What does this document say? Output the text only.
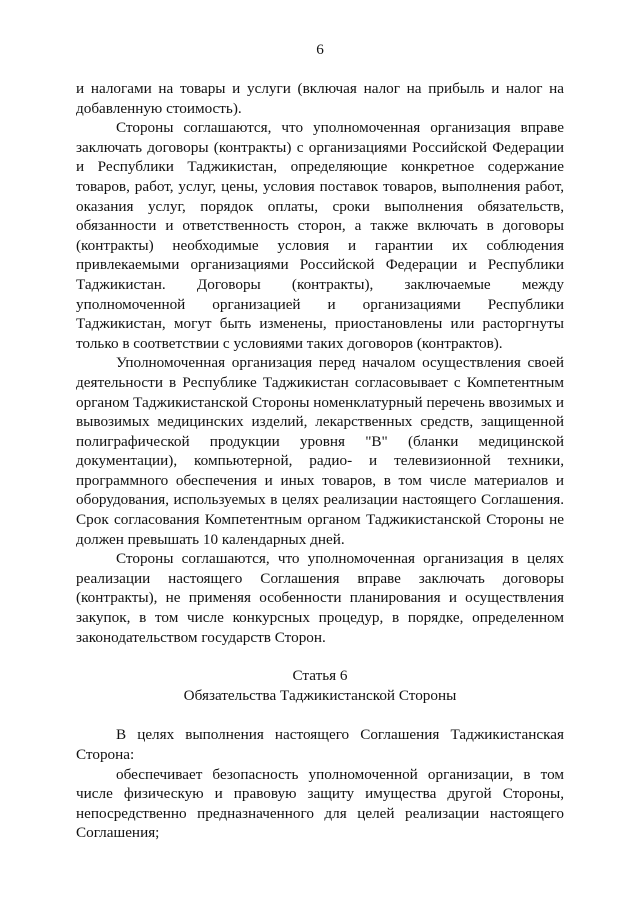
6

и налогами на товары и услуги (включая налог на прибыль и налог на добавленную стоимость).

Стороны соглашаются, что уполномоченная организация вправе заключать договоры (контракты) с организациями Российской Федерации и Республики Таджикистан, определяющие конкретное содержание товаров, работ, услуг, цены, условия поставок товаров, выполнения работ, оказания услуг, порядок оплаты, сроки выполнения обязательств, обязанности и ответственность сторон, а также включать в договоры (контракты) необходимые условия и гарантии их соблюдения привлекаемыми организациями Российской Федерации и Республики Таджикистан. Договоры (контракты), заключаемые между уполномоченной организацией и организациями Республики Таджикистан, могут быть изменены, приостановлены или расторгнуты только в соответствии с условиями таких договоров (контрактов).

Уполномоченная организация перед началом осуществления своей деятельности в Республике Таджикистан согласовывает с Компетентным органом Таджикистанской Стороны номенклатурный перечень ввозимых и вывозимых медицинских изделий, лекарственных средств, защищенной полиграфической продукции уровня "В" (бланки медицинской документации), компьютерной, радио- и телевизионной техники, программного обеспечения и иных товаров, в том числе материалов и оборудования, используемых в целях реализации настоящего Соглашения. Срок согласования Компетентным органом Таджикистанской Стороны не должен превышать 10 календарных дней.

Стороны соглашаются, что уполномоченная организация в целях реализации настоящего Соглашения вправе заключать договоры (контракты), не применяя особенности планирования и осуществления закупок, в том числе конкурсных процедур, в порядке, определенном законодательством государств Сторон.

Статья 6

Обязательства Таджикистанской Стороны

В целях выполнения настоящего Соглашения Таджикистанская Сторона:

обеспечивает безопасность уполномоченной организации, в том числе физическую и правовую защиту имущества другой Стороны, непосредственно предназначенного для целей реализации настоящего Соглашения;
